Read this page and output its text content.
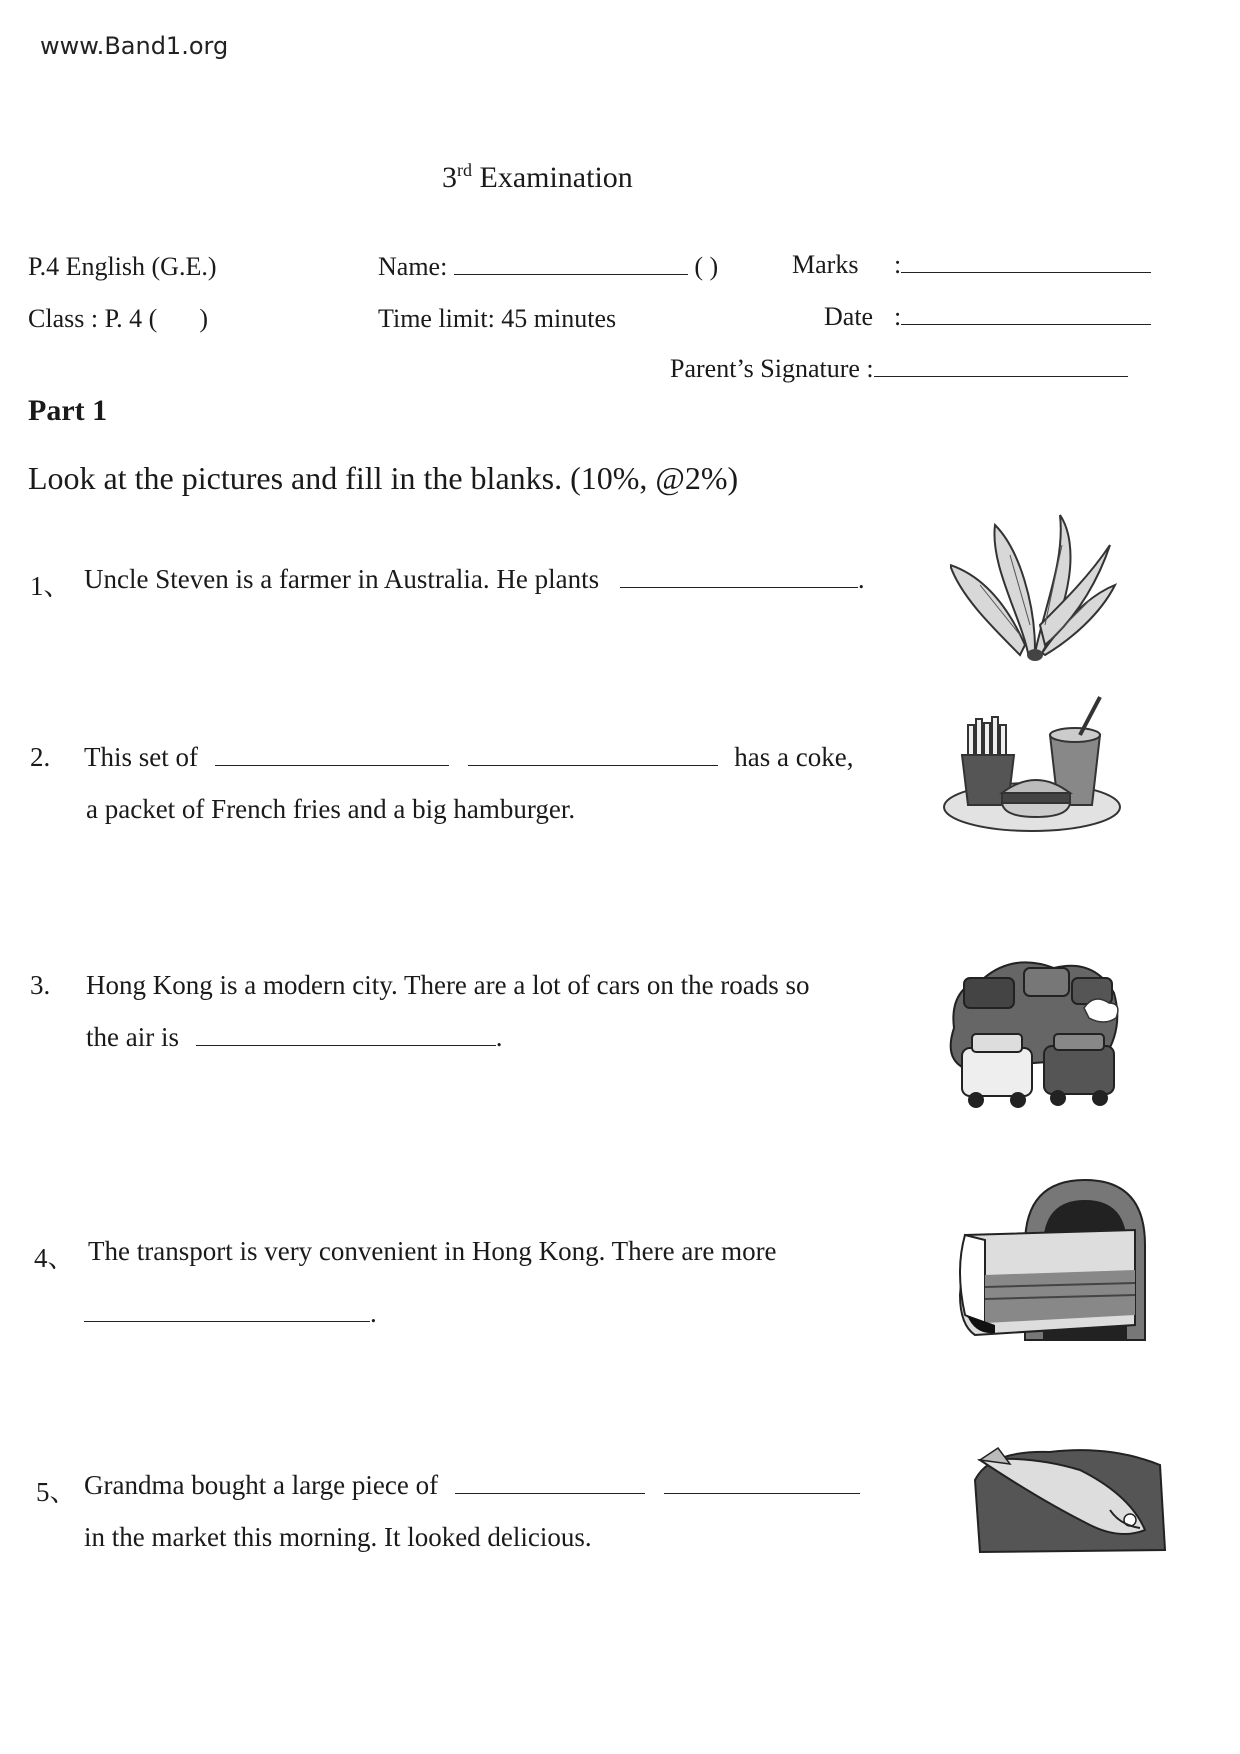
www.Band1.org
3rd Examination
P.4 English (G.E.)	Name:	( )	Marks :
Class : P. 4 ( )	Time limit: 45 minutes	Date :
Parent’s Signature :
Part 1
Look at the pictures and fill in the blanks. (10%, @2%)
1、 Uncle Steven is a farmer in Australia. He plants	.
2. This set of	has a coke,
a packet of French fries and a big hamburger.
3. Hong Kong is a modern city. There are a lot of cars on the roads so
the air is	.
4、 The transport is very convenient in Hong Kong. There are more
.
5、 Grandma bought a large piece of
in the market this morning. It looked delicious.
